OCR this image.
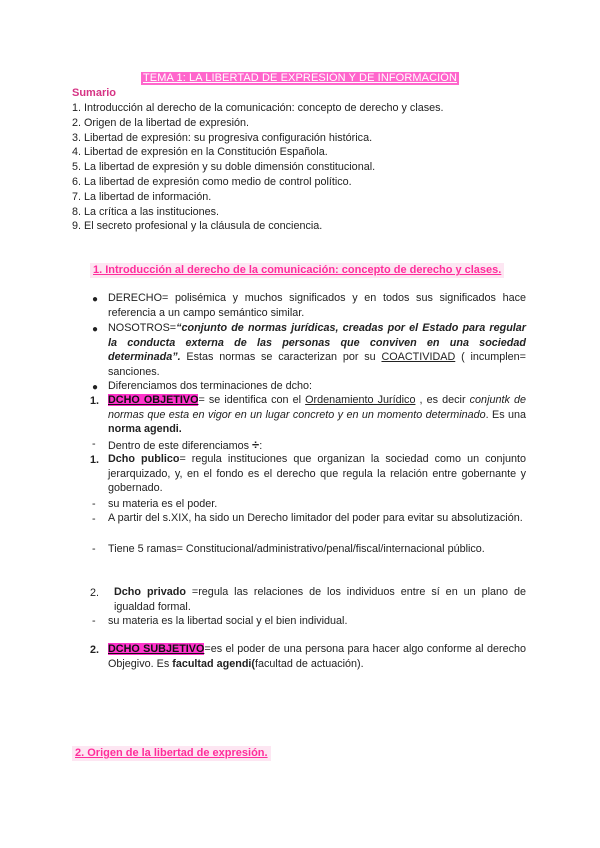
TEMA 1: LA LIBERTAD DE EXPRESIÓN Y DE INFORMACIÓN
Sumario
1. Introducción al derecho de la comunicación: concepto de derecho y clases.
2. Origen de la libertad de expresión.
3. Libertad de expresión: su progresiva configuración histórica.
4. Libertad de expresión en la Constitución Española.
5. La libertad de expresión y su doble dimensión constitucional.
6. La libertad de expresión como medio de control político.
7. La libertad de información.
8. La crítica a las instituciones.
9. El secreto profesional y la cláusula de conciencia.
1. Introducción al derecho de la comunicación: concepto de derecho y clases.
● DERECHO= polisémica y muchos significados y en todos sus significados hace referencia a un campo semántico similar.
● NOSOTROS=“conjunto de normas jurídicas, creadas por el Estado para regular la conducta externa de las personas que conviven en una sociedad determinada”. Estas normas se caracterizan por su COACTIVIDAD ( incumplen= sanciones.
● Diferenciamos dos terminaciones de dcho:
1. DCHO OBJETIVO= se identifica con el Ordenamiento Jurídico , es decir conjuntk de normas que esta en vigor en un lugar concreto y en un momento determinado. Es una norma agendi.
- Dentro de este diferenciamos ÷:
1. Dcho publico= regula instituciones que organizan la sociedad como un conjunto jerarquizado, y, en el fondo es el derecho que regula la relación entre gobernante y gobernado.
- su materia es el poder.
- A partir del s.XIX, ha sido un Derecho limitador del poder para evitar su absolutización.
- Tiene 5 ramas= Constitucional/administrativo/penal/fiscal/internacional público.
2. Dcho privado =regula las relaciones de los individuos entre sí en un plano de igualdad formal.
- su materia es la libertad social y el bien individual.
2. DCHO SUBJETIVO=es el poder de una persona para hacer algo conforme al derecho Objegivo. Es facultad agendi(facultad de actuación).
2. Origen de la libertad de expresión.
